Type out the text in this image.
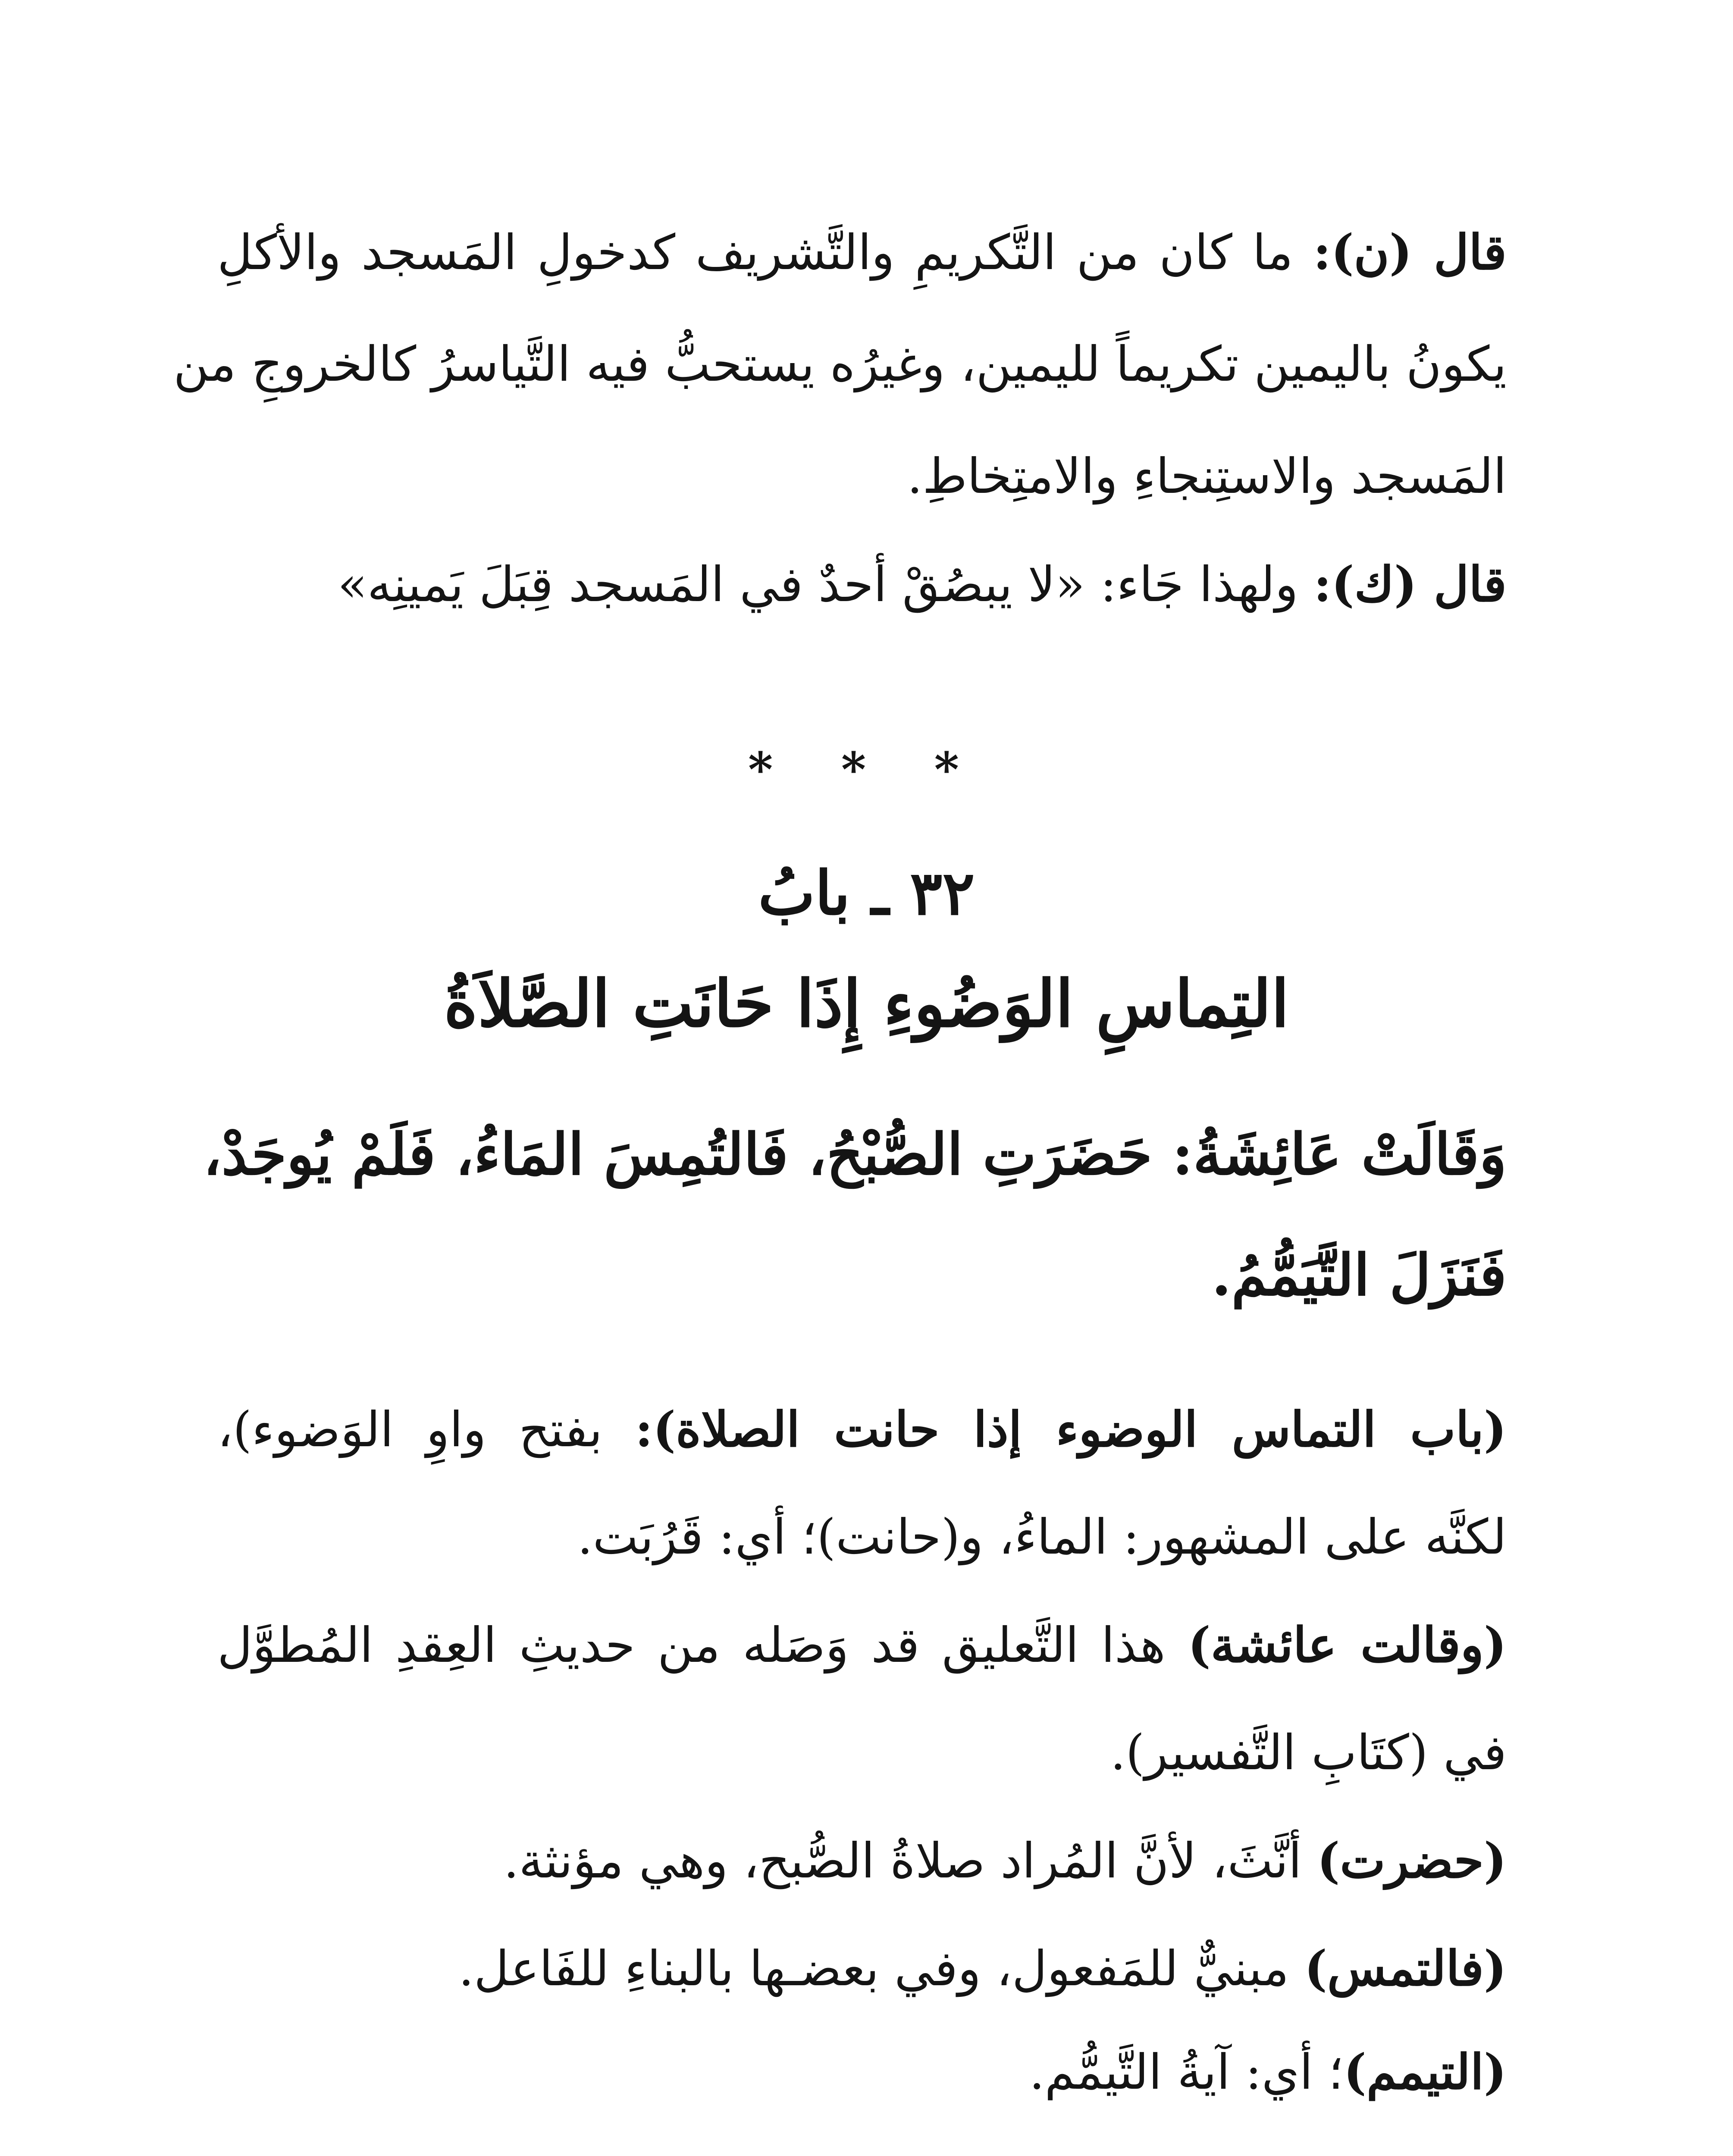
قال (ن): ما كان من التَّكريمِ والتَّشريف كدخولِ المَسجد والأكلِ
يكونُ باليمين تكريماً لليمين، وغيرُه يستحبُّ فيه التَّياسرُ كالخروجِ من
المَسجد والاستِنجاءِ والامتِخاطِ.
قال (ك): ولهذا جَاء: «لا يبصُقْ أحدٌ في المَسجد قِبَلَ يَمينِه»
* * *
٣٢ ـ بابُ
التِماسِ الوَضُوءِ إِذَا حَانَتِ الصَّلاَةُ
وَقَالَتْ عَائِشَةُ: حَضَرَتِ الصُّبْحُ، فَالتُمِسَ المَاءُ، فَلَمْ يُوجَدْ،
فَنَزَلَ التَّيَمُّمُ.
(باب التماس الوضوء إذا حانت الصلاة): بفتح واوِ الوَضوء)،
لكنَّه على المشهور: الماءُ، و(حانت)؛ أي: قَرُبَت.
(وقالت عائشة) هذا التَّعليق قد وَصَله من حديثِ العِقدِ المُطوَّل
في (كتَابِ التَّفسير).
(حضرت) أنَّثَ، لأنَّ المُراد صلاةُ الصُّبح، وهي مؤنثة.
(فالتمس) مبنيٌّ للمَفعول، وفي بعضـها بالبناءِ للفَاعل.
(التيمم)؛ أي: آيةُ التَّيمُّم.
